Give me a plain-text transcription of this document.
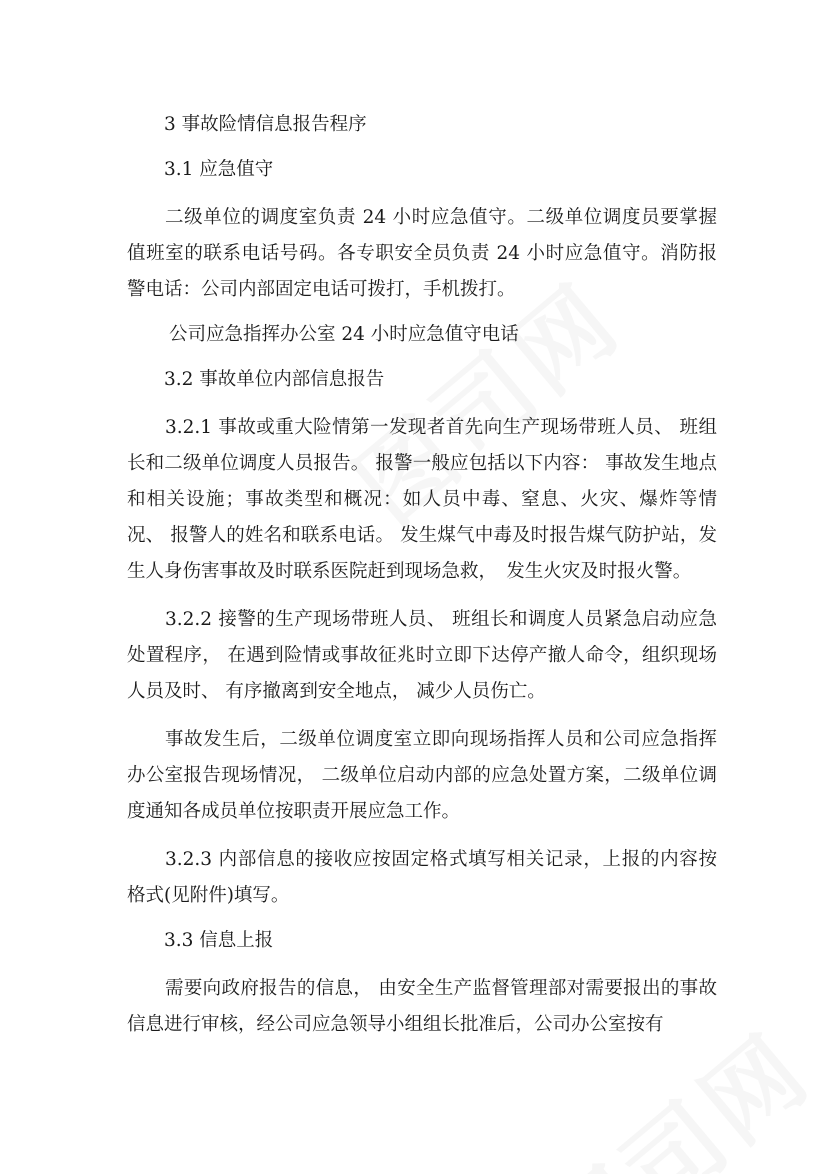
3 事故险情信息报告程序

3.1 应急值守

二级单位的调度室负责 24 小时应急值守。二级单位调度员要掌握值班室的联系电话号码。各专职安全员负责 24 小时应急值守。消防报警电话：公司内部固定电话可拨打，手机拨打。

公司应急指挥办公室 24 小时应急值守电话

3.2 事故单位内部信息报告

3.2.1 事故或重大险情第一发现者首先向生产现场带班人员、 班组长和二级单位调度人员报告。 报警一般应包括以下内容： 事故发生地点和相关设施；事故类型和概况：如人员中毒、窒息、火灾、爆炸等情况、 报警人的姓名和联系电话。 发生煤气中毒及时报告煤气防护站，发生人身伤害事故及时联系医院赶到现场急救，　发生火灾及时报火警。

3.2.2 接警的生产现场带班人员、 班组长和调度人员紧急启动应急处置程序， 在遇到险情或事故征兆时立即下达停产撤人命令，组织现场人员及时、 有序撤离到安全地点， 减少人员伤亡。

事故发生后，二级单位调度室立即向现场指挥人员和公司应急指挥办公室报告现场情况， 二级单位启动内部的应急处置方案，二级单位调度通知各成员单位按职责开展应急工作。

3.2.3 内部信息的接收应按固定格式填写相关记录，上报的内容按格式(见附件)填写。

3.3 信息上报

需要向政府报告的信息， 由安全生产监督管理部对需要报出的事故信息进行审核，经公司应急领导小组组长批准后，公司办公室按有
